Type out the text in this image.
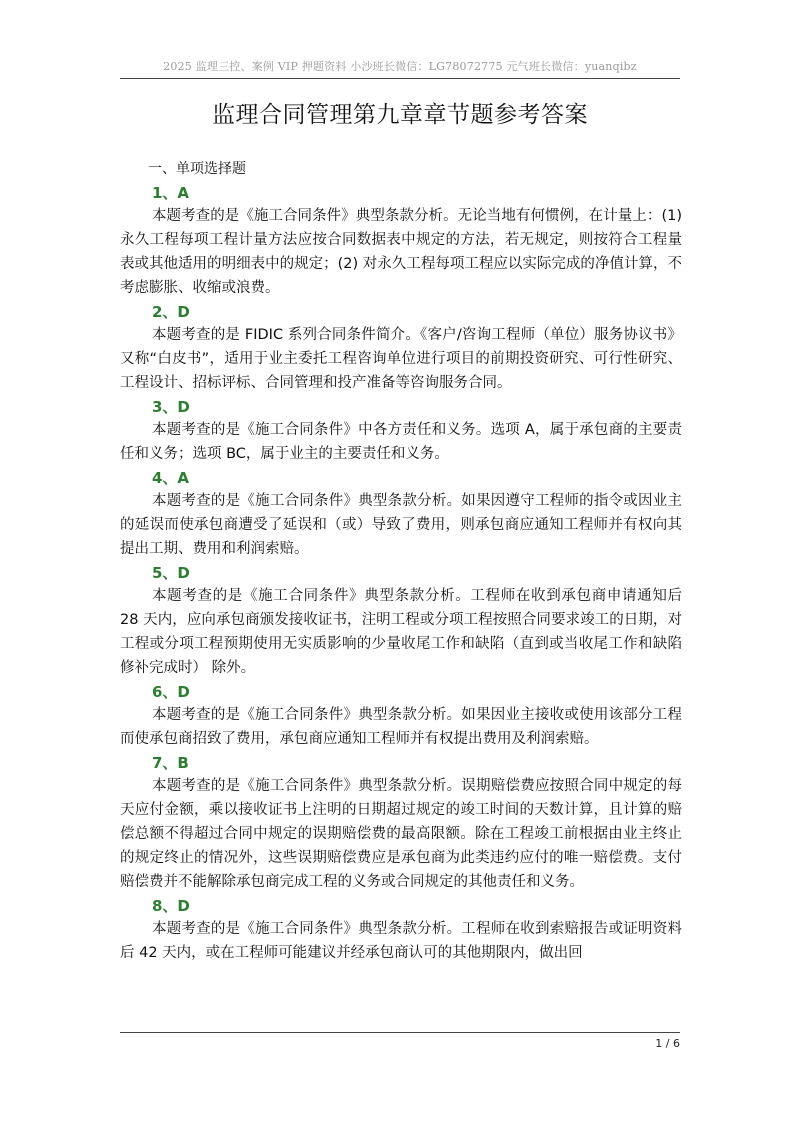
2025 监理三控、案例 VIP 押题资料 小沙班长微信：LG78072775 元气班长微信：yuanqibz
监理合同管理第九章章节题参考答案
一、单项选择题
1、A

本题考查的是《施工合同条件》典型条款分析。无论当地有何惯例，在计量上：(1) 永久工程每项工程计量方法应按合同数据表中规定的方法，若无规定，则按符合工程量表或其他适用的明细表中的规定；(2) 对永久工程每项工程应以实际完成的净值计算，不考虑膨胀、收缩或浪费。

2、D

本题考查的是 FIDIC 系列合同条件简介。《客户/咨询工程师（单位）服务协议书》又称“白皮书”，适用于业主委托工程咨询单位进行项目的前期投资研究、可行性研究、工程设计、招标评标、合同管理和投产准备等咨询服务合同。

3、D

本题考查的是《施工合同条件》中各方责任和义务。选项 A，属于承包商的主要责任和义务；选项 BC，属于业主的主要责任和义务。

4、A

本题考查的是《施工合同条件》典型条款分析。如果因遵守工程师的指令或因业主的延误而使承包商遭受了延误和（或）导致了费用，则承包商应通知工程师并有权向其提出工期、费用和利润索赔。

5、D

本题考查的是《施工合同条件》典型条款分析。工程师在收到承包商申请通知后 28 天内，应向承包商颁发接收证书，注明工程或分项工程按照合同要求竣工的日期，对工程或分项工程预期使用无实质影响的少量收尾工作和缺陷（直到或当收尾工作和缺陷修补完成时） 除外。

6、D

本题考查的是《施工合同条件》典型条款分析。如果因业主接收或使用该部分工程而使承包商招致了费用，承包商应通知工程师并有权提出费用及利润索赔。

7、B

本题考查的是《施工合同条件》典型条款分析。误期赔偿费应按照合同中规定的每天应付金额，乘以接收证书上注明的日期超过规定的竣工时间的天数计算，且计算的赔偿总额不得超过合同中规定的误期赔偿费的最高限额。除在工程竣工前根据由业主终止的规定终止的情况外，这些误期赔偿费应是承包商为此类违约应付的唯一赔偿费。支付赔偿费并不能解除承包商完成工程的义务或合同规定的其他责任和义务。

8、D

本题考查的是《施工合同条件》典型条款分析。工程师在收到索赔报告或证明资料后 42 天内，或在工程师可能建议并经承包商认可的其他期限内，做出回

1 / 6
